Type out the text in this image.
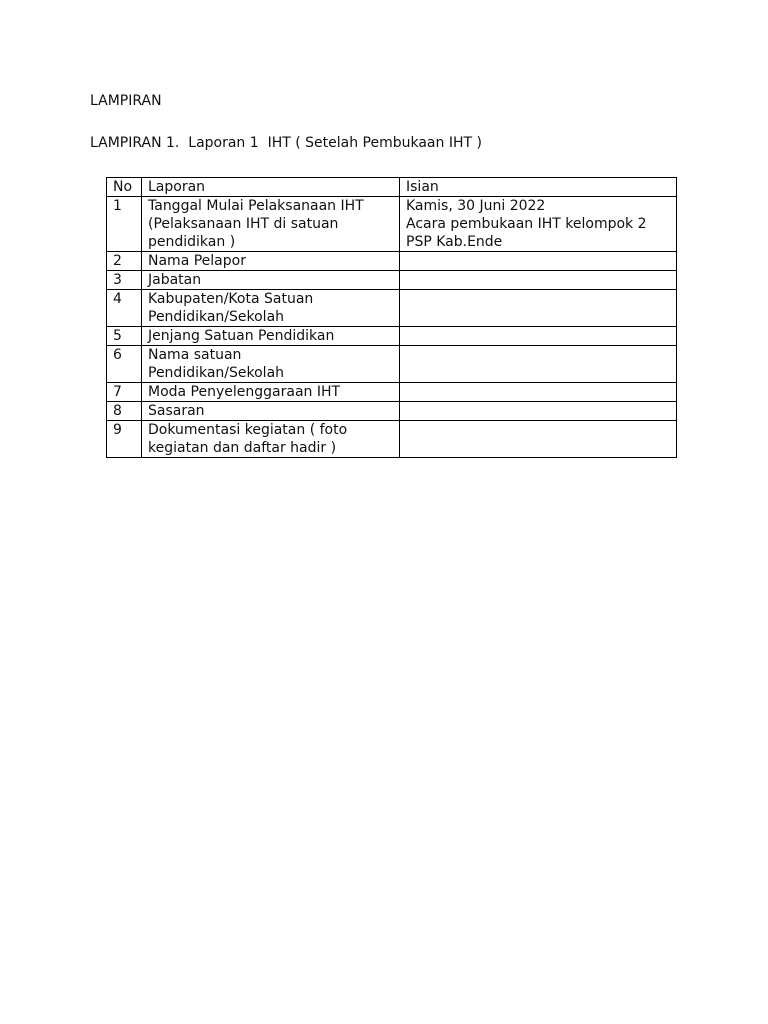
LAMPIRAN

LAMPIRAN 1.  Laporan 1  IHT ( Setelah Pembukaan IHT )

No	Laporan	Isian
1	Tanggal Mulai Pelaksanaan IHT
(Pelaksanaan IHT di satuan
pendidikan )	Kamis, 30 Juni 2022
Acara pembukaan IHT kelompok 2
PSP Kab.Ende

2	Nama Pelapor	

3	Jabatan	

4	Kabupaten/Kota Satuan
Pendidikan/Sekolah	

5	Jenjang Satuan Pendidikan	

6	Nama satuan
Pendidikan/Sekolah	

7	Moda Penyelenggaraan IHT	

8	Sasaran	

9	Dokumentasi kegiatan ( foto
kegiatan dan daftar hadir )	
